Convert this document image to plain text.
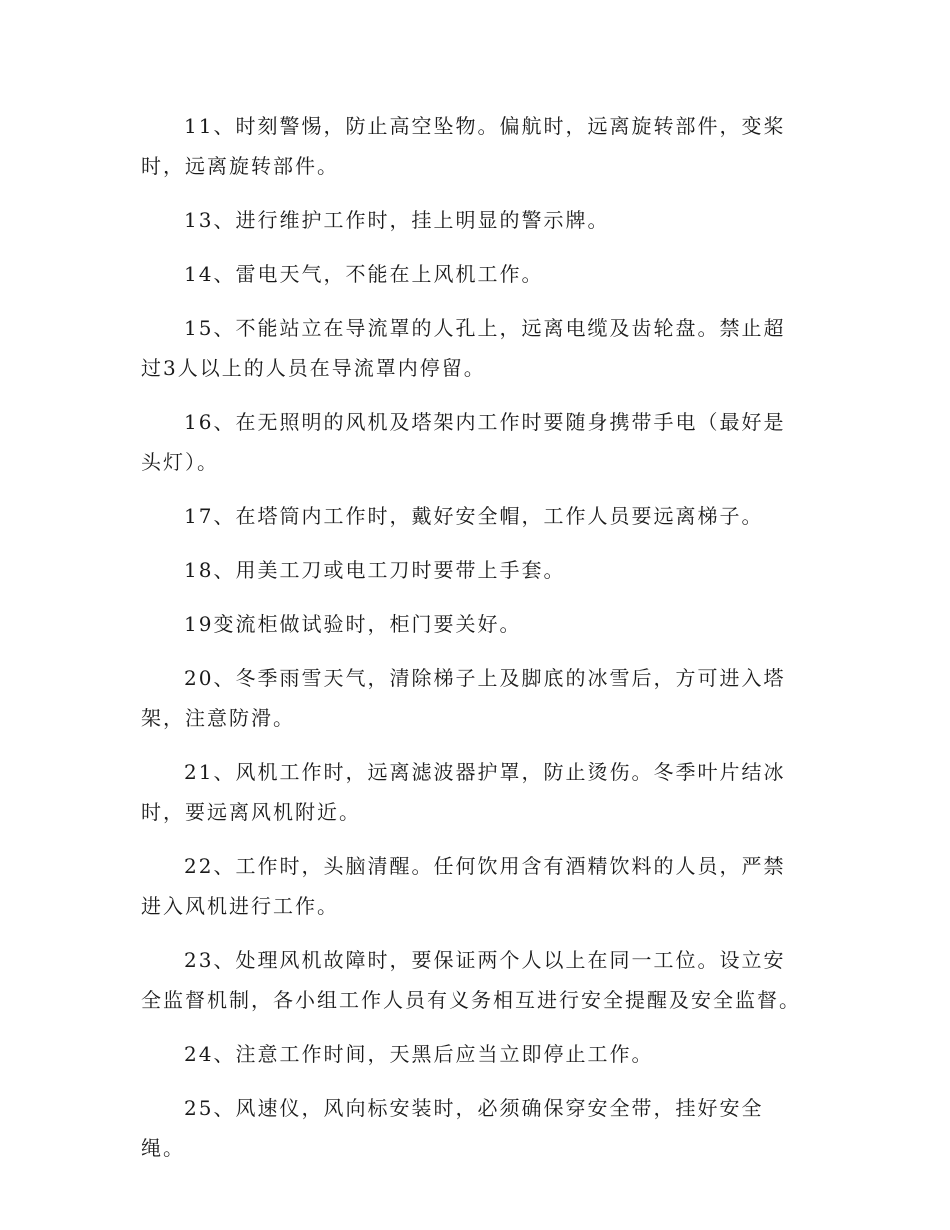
11、时刻警惕，防止高空坠物。偏航时，远离旋转部件，变桨时，远离旋转部件。

13、进行维护工作时，挂上明显的警示牌。

14、雷电天气，不能在上风机工作。

15、不能站立在导流罩的人孔上，远离电缆及齿轮盘。禁止超过3人以上的人员在导流罩内停留。

16、在无照明的风机及塔架内工作时要随身携带手电（最好是头灯）。

17、在塔筒内工作时，戴好安全帽，工作人员要远离梯子。

18、用美工刀或电工刀时要带上手套。

19变流柜做试验时，柜门要关好。

20、冬季雨雪天气，清除梯子上及脚底的冰雪后，方可进入塔架，注意防滑。

21、风机工作时，远离滤波器护罩，防止烫伤。冬季叶片结冰时，要远离风机附近。

22、工作时，头脑清醒。任何饮用含有酒精饮料的人员，严禁进入风机进行工作。

23、处理风机故障时，要保证两个人以上在同一工位。设立安全监督机制，各小组工作人员有义务相互进行安全提醒及安全监督。

24、注意工作时间，天黑后应当立即停止工作。

25、风速仪，风向标安装时，必须确保穿安全带，挂好安全绳。
